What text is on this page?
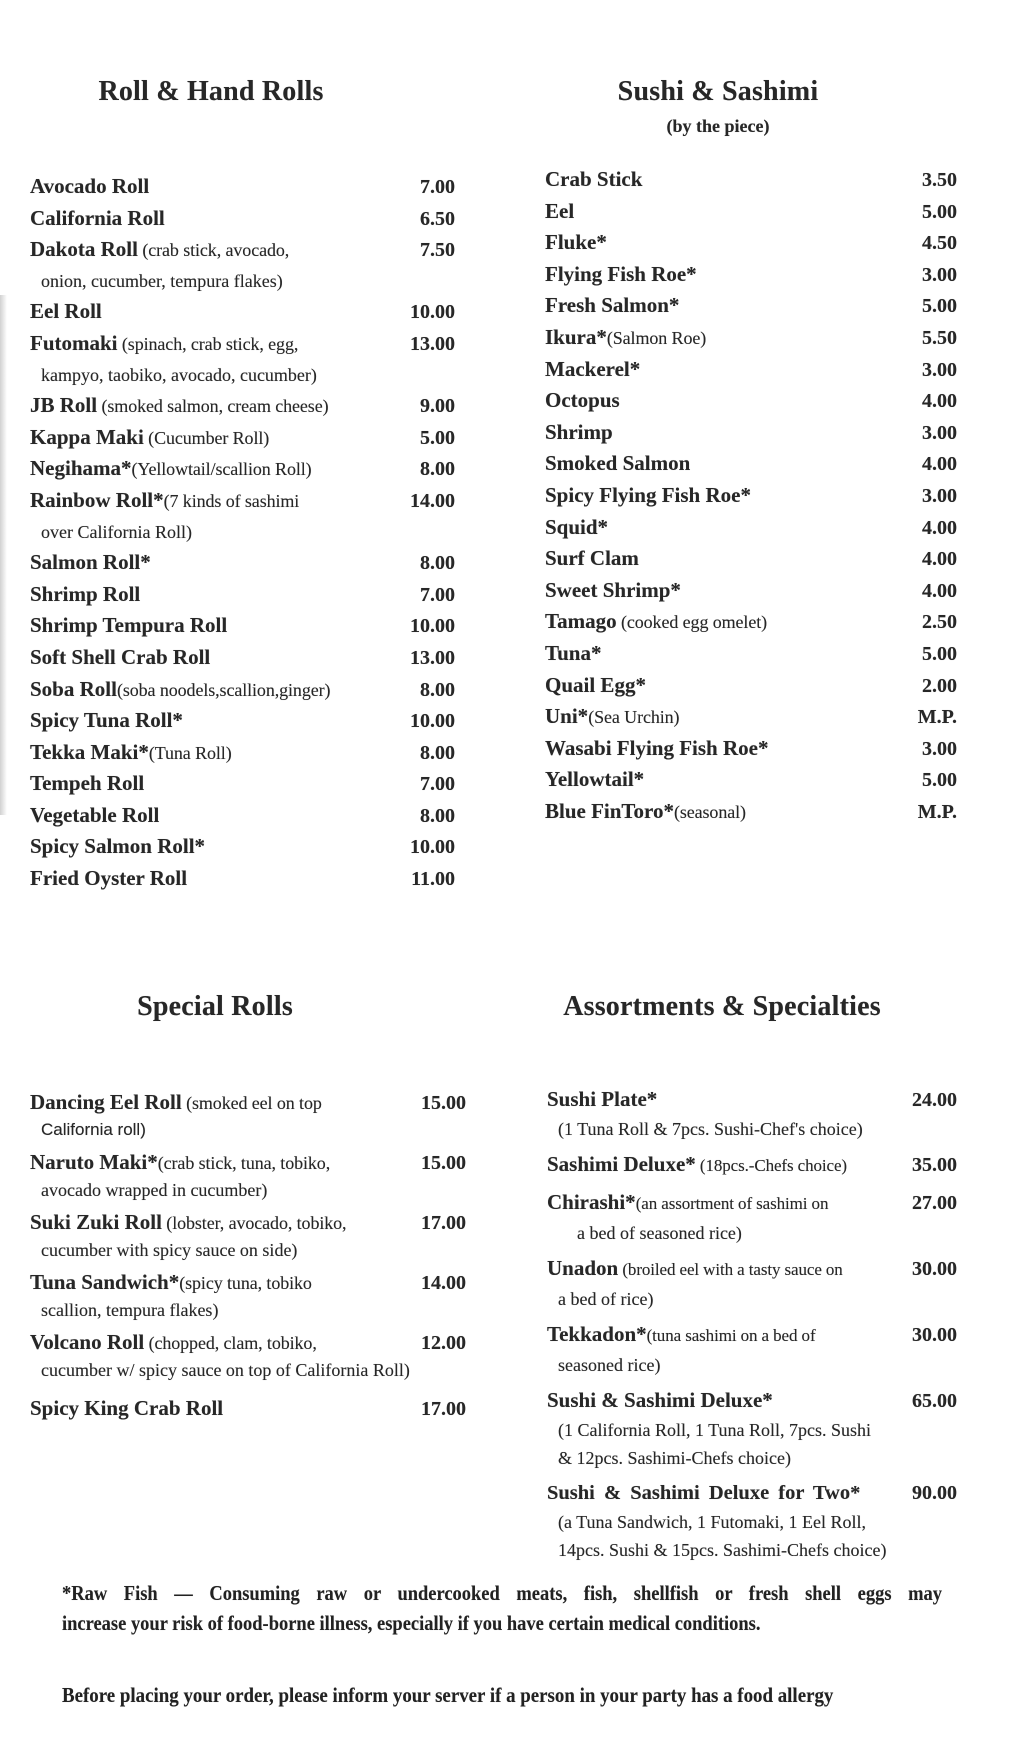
Roll & Hand Rolls
Avocado Roll	7.00
California Roll	6.50
Dakota Roll (crab stick, avocado,	7.50
onion, cucumber, tempura flakes)
Eel Roll	10.00
Futomaki (spinach, crab stick, egg,	13.00
kampyo, taobiko, avocado, cucumber)
JB Roll (smoked salmon, cream cheese)	9.00
Kappa Maki (Cucumber Roll)	5.00
Negihama*(Yellowtail/scallion Roll)	8.00
Rainbow Roll*(7 kinds of sashimi	14.00
over California Roll)
Salmon Roll*	8.00
Shrimp Roll	7.00
Shrimp Tempura Roll	10.00
Soft Shell Crab Roll	13.00
Soba Roll(soba noodels,scallion,ginger)	8.00
Spicy Tuna Roll*	10.00
Tekka Maki*(Tuna Roll)	8.00
Tempeh Roll	7.00
Vegetable Roll	8.00
Spicy Salmon Roll*	10.00
Fried Oyster Roll	11.00
Sushi & Sashimi
(by the piece)
Crab Stick	3.50
Eel	5.00
Fluke*	4.50
Flying Fish Roe*	3.00
Fresh Salmon*	5.00
Ikura*(Salmon Roe)	5.50
Mackerel*	3.00
Octopus	4.00
Shrimp	3.00
Smoked Salmon	4.00
Spicy Flying Fish Roe*	3.00
Squid*	4.00
Surf Clam	4.00
Sweet Shrimp*	4.00
Tamago (cooked egg omelet)	2.50
Tuna*	5.00
Quail Egg*	2.00
Uni*(Sea Urchin)	M.P.
Wasabi Flying Fish Roe*	3.00
Yellowtail*	5.00
Blue FinToro*(seasonal)	M.P.
Special Rolls
Dancing Eel Roll (smoked eel on top	15.00
California roll)
Naruto Maki*(crab stick, tuna, tobiko,	15.00
avocado wrapped in cucumber)
Suki Zuki Roll (lobster, avocado, tobiko,	17.00
cucumber with spicy sauce on side)
Tuna Sandwich*(spicy tuna, tobiko	14.00
scallion, tempura flakes)
Volcano Roll (chopped, clam, tobiko,	12.00
cucumber w/ spicy sauce on top of California Roll)
Spicy King Crab Roll	17.00
Assortments & Specialties
Sushi Plate*	24.00
(1 Tuna Roll & 7pcs. Sushi-Chef's choice)
Sashimi Deluxe* (18pcs.-Chefs choice)	35.00
Chirashi*(an assortment of sashimi on	27.00
a bed of seasoned rice)
Unadon (broiled eel with a tasty sauce on	30.00
a bed of rice)
Tekkadon*(tuna sashimi on a bed of	30.00
seasoned rice)
Sushi & Sashimi Deluxe*	65.00
(1 California Roll, 1 Tuna Roll, 7pcs. Sushi
& 12pcs. Sashimi-Chefs choice)
Sushi & Sashimi Deluxe for Two*	90.00
(a Tuna Sandwich, 1 Futomaki, 1 Eel Roll,
14pcs. Sushi & 15pcs. Sashimi-Chefs choice)
*Raw Fish — Consuming raw or undercooked meats, fish, shellfish or fresh shell eggs may
increase your risk of food-borne illness, especially if you have certain medical conditions.
Before placing your order, please inform your server if a person in your party has a food allergy
